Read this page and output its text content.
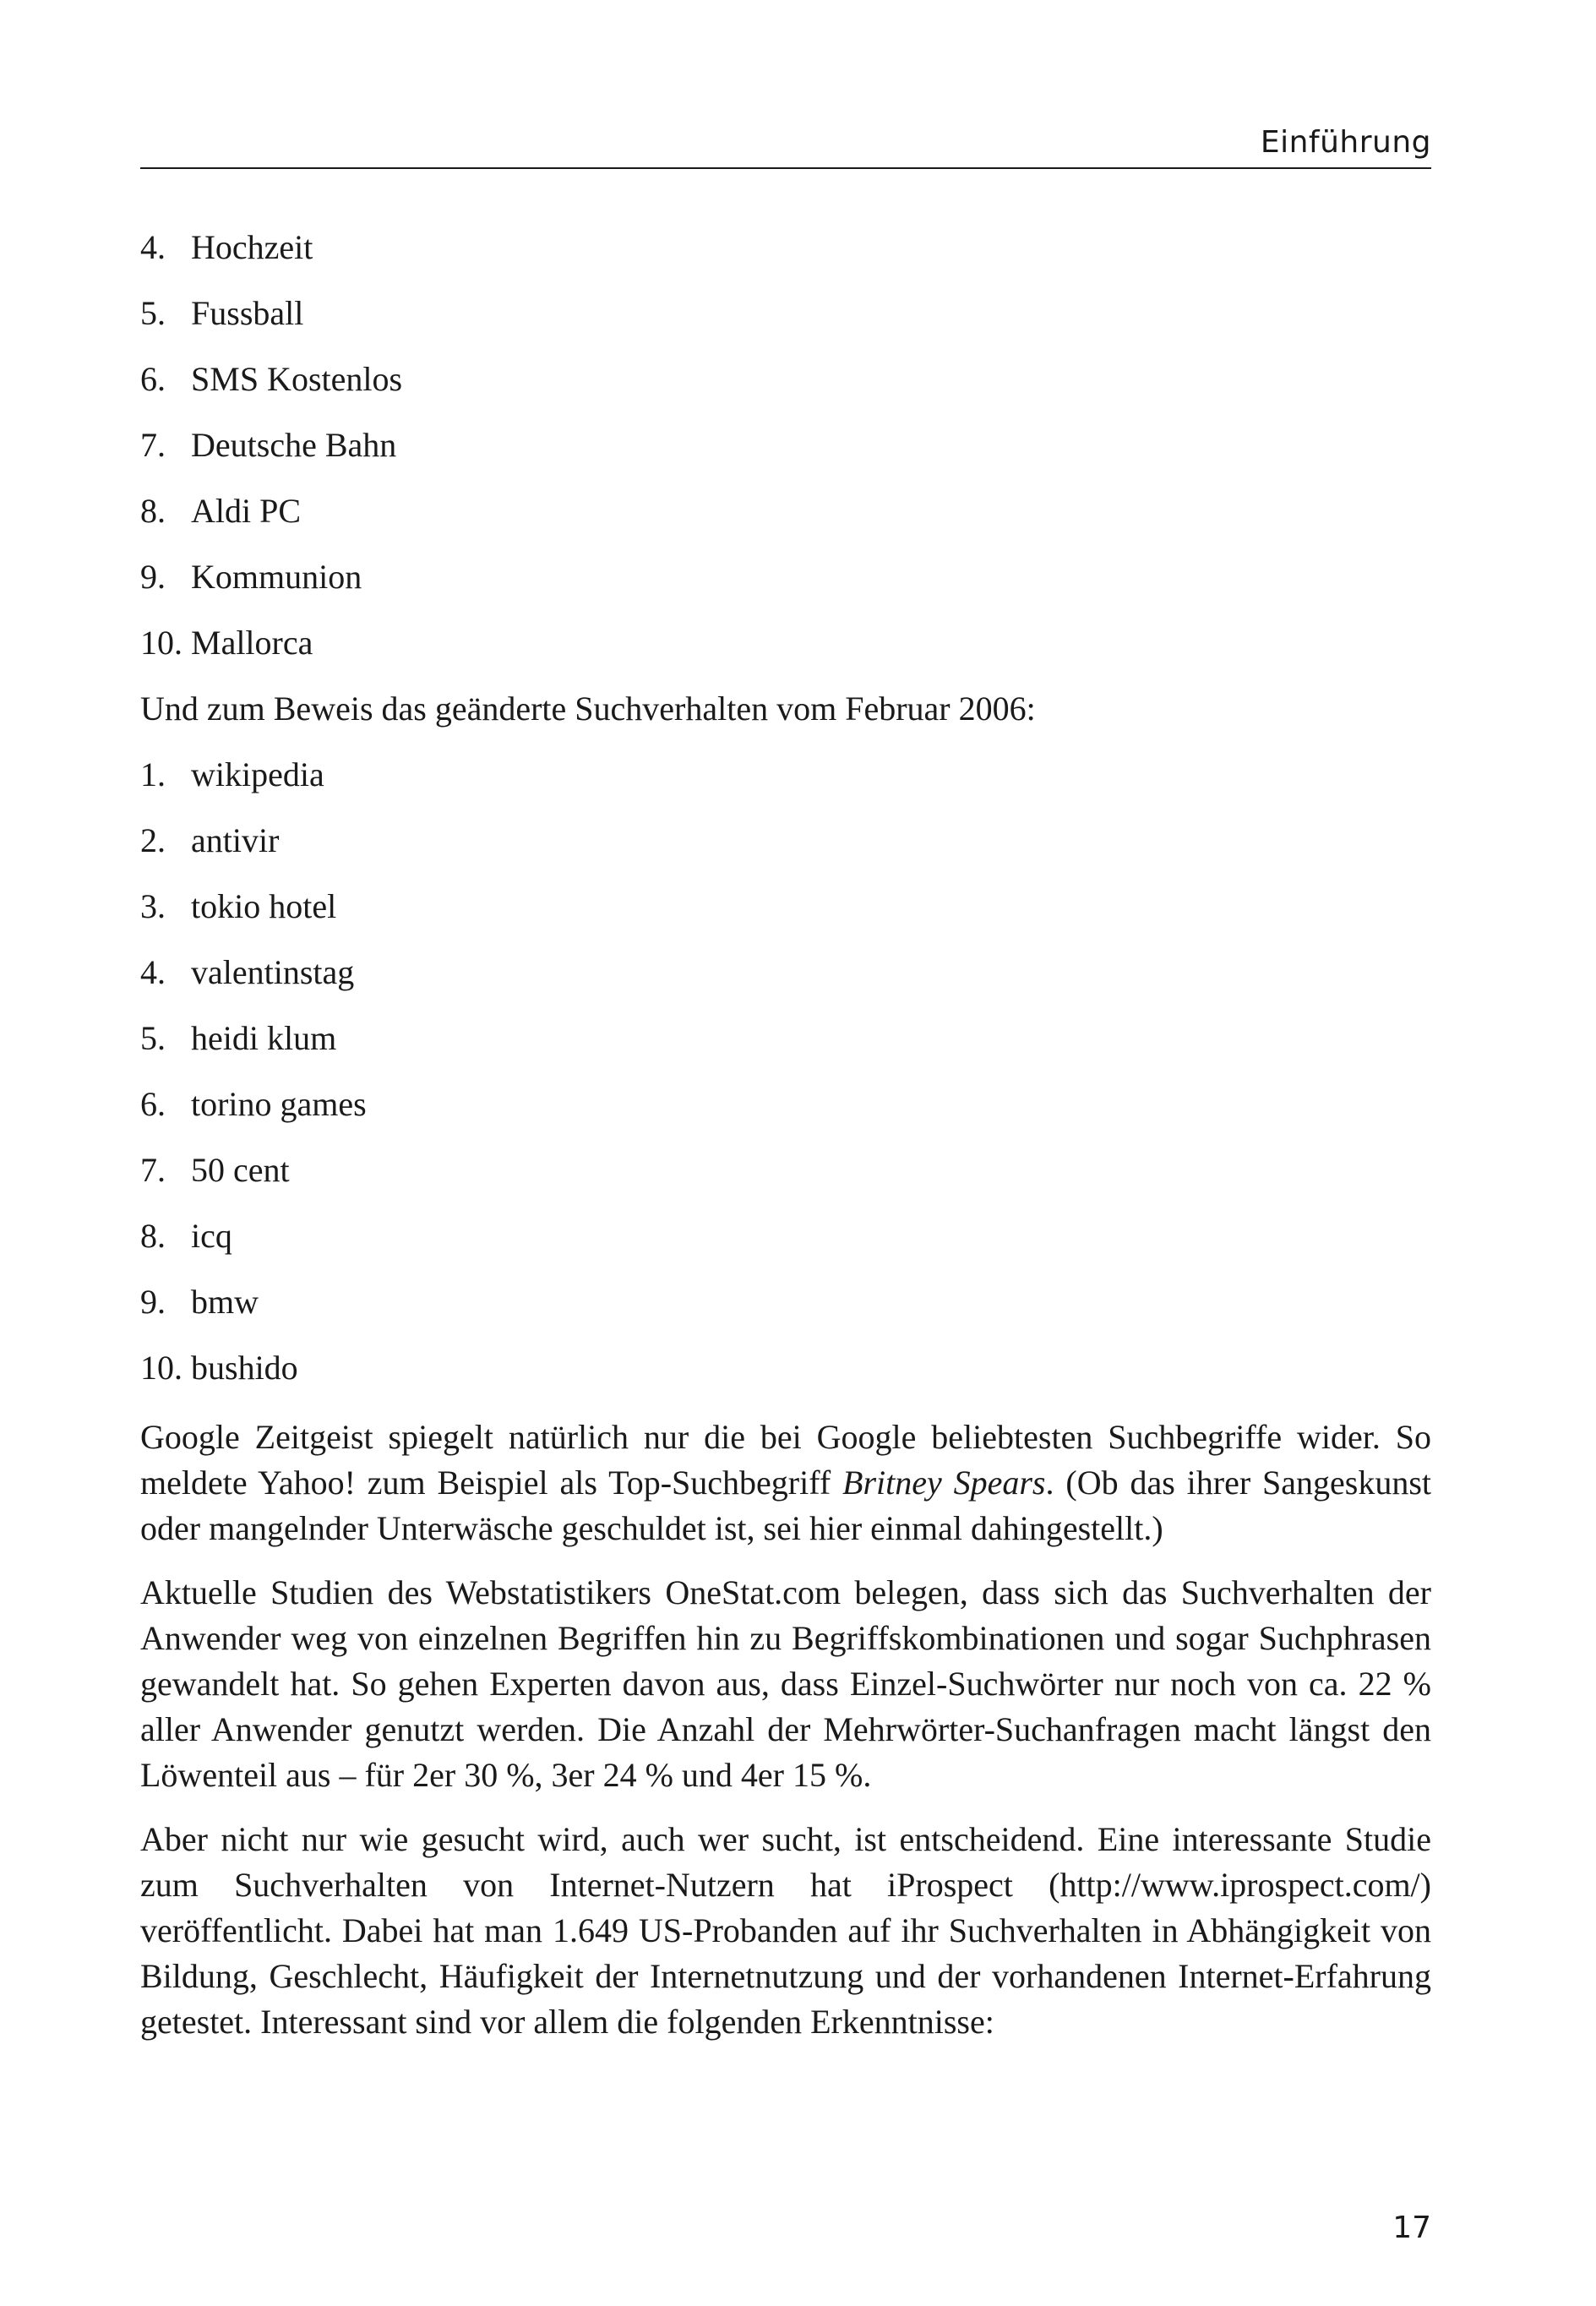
Einführung
4. Hochzeit
5. Fussball
6. SMS Kostenlos
7. Deutsche Bahn
8. Aldi PC
9. Kommunion
10. Mallorca

Und zum Beweis das geänderte Suchverhalten vom Februar 2006:

1. wikipedia
2. antivir
3. tokio hotel
4. valentinstag
5. heidi klum
6. torino games
7. 50 cent
8. icq
9. bmw
10. bushido

Google Zeitgeist spiegelt natürlich nur die bei Google beliebtesten Suchbegriffe wider. So meldete Yahoo! zum Beispiel als Top-Suchbegriff Britney Spears. (Ob das ihrer Sangeskunst oder mangelnder Unterwäsche geschuldet ist, sei hier einmal dahingestellt.)

Aktuelle Studien des Webstatistikers OneStat.com belegen, dass sich das Suchverhalten der Anwender weg von einzelnen Begriffen hin zu Begriffskombinationen und sogar Suchphrasen gewandelt hat. So gehen Experten davon aus, dass Einzel-Suchwörter nur noch von ca. 22 % aller Anwender genutzt werden. Die Anzahl der Mehrwörter-Suchanfragen macht längst den Löwenteil aus – für 2er 30 %, 3er 24 % und 4er 15 %.

Aber nicht nur wie gesucht wird, auch wer sucht, ist entscheidend. Eine interessante Studie zum Suchverhalten von Internet-Nutzern hat iProspect (http://www.iprospect.com/) veröffentlicht. Dabei hat man 1.649 US-Probanden auf ihr Suchverhalten in Abhängigkeit von Bildung, Geschlecht, Häufigkeit der Internetnutzung und der vorhandenen Internet-Erfahrung getestet. Interessant sind vor allem die folgenden Erkenntnisse:

17
